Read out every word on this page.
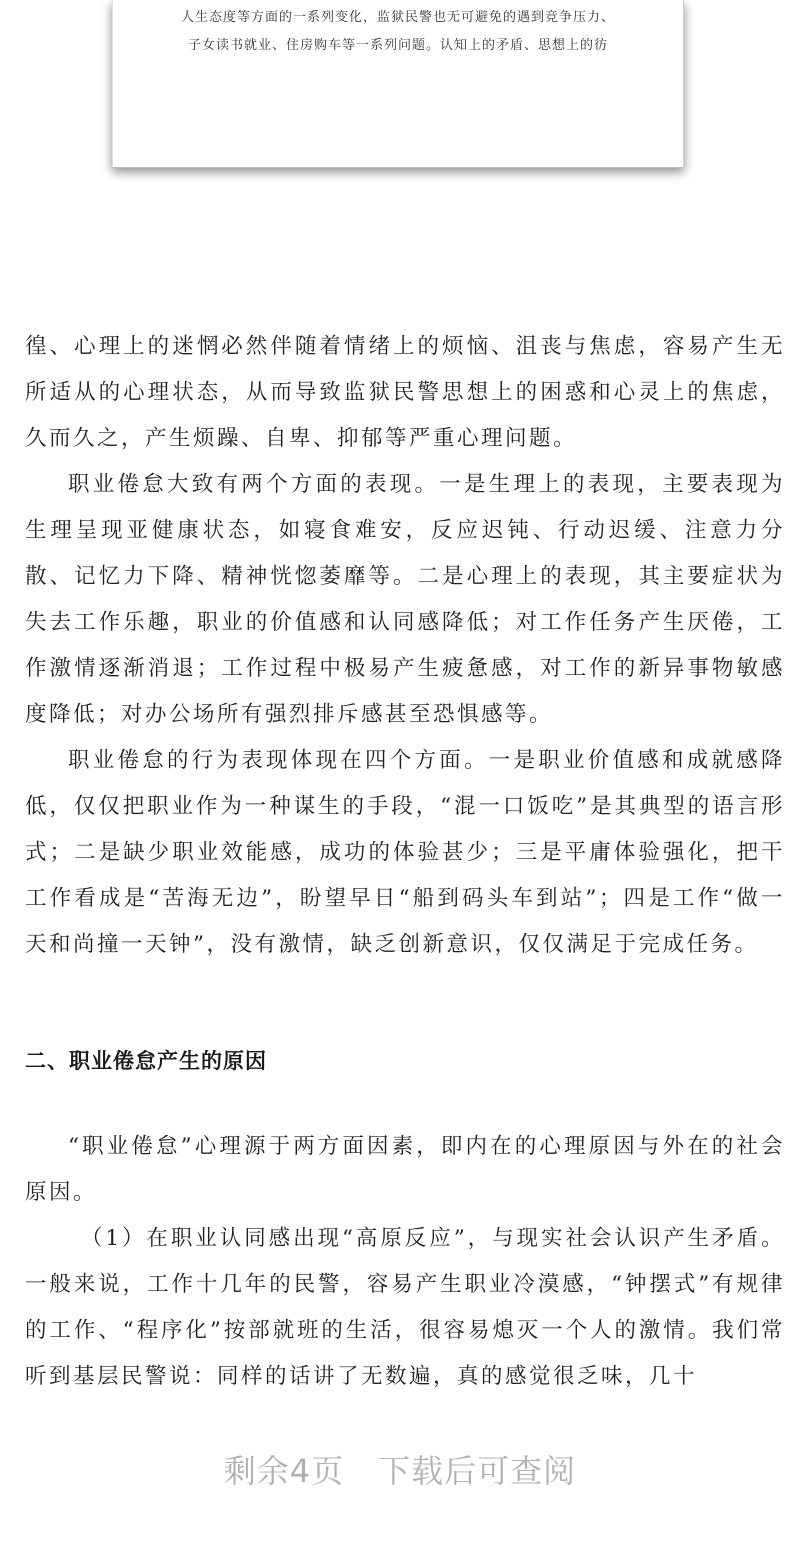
人生态度等方面的一系列变化，监狱民警也无可避免的遇到竞争压力、
子女读书就业、住房购车等一系列问题。认知上的矛盾、思想上的彷

徨、心理上的迷惘必然伴随着情绪上的烦恼、沮丧与焦虑，容易产生无所适从的心理状态，从而导致监狱民警思想上的困惑和心灵上的焦虑，久而久之，产生烦躁、自卑、抑郁等严重心理问题。

职业倦怠大致有两个方面的表现。一是生理上的表现，主要表现为生理呈现亚健康状态，如寝食难安，反应迟钝、行动迟缓、注意力分散、记忆力下降、精神恍惚萎靡等。二是心理上的表现，其主要症状为失去工作乐趣，职业的价值感和认同感降低；对工作任务产生厌倦，工作激情逐渐消退；工作过程中极易产生疲惫感，对工作的新异事物敏感度降低；对办公场所有强烈排斥感甚至恐惧感等。

职业倦怠的行为表现体现在四个方面。一是职业价值感和成就感降低，仅仅把职业作为一种谋生的手段，“混一口饭吃”是其典型的语言形式；二是缺少职业效能感，成功的体验甚少；三是平庸体验强化，把干工作看成是“苦海无边”，盼望早日“船到码头车到站”；四是工作“做一天和尚撞一天钟”，没有激情，缺乏创新意识，仅仅满足于完成任务。

二、职业倦怠产生的原因

“职业倦怠”心理源于两方面因素，即内在的心理原因与外在的社会原因。

（1）在职业认同感出现“高原反应”，与现实社会认识产生矛盾。一般来说，工作十几年的民警，容易产生职业冷漠感，“钟摆式”有规律的工作、“程序化”按部就班的生活，很容易熄灭一个人的激情。我们常听到基层民警说：同样的话讲了无数遍，真的感觉很乏味，几十

剩余4页 下载后可查阅
